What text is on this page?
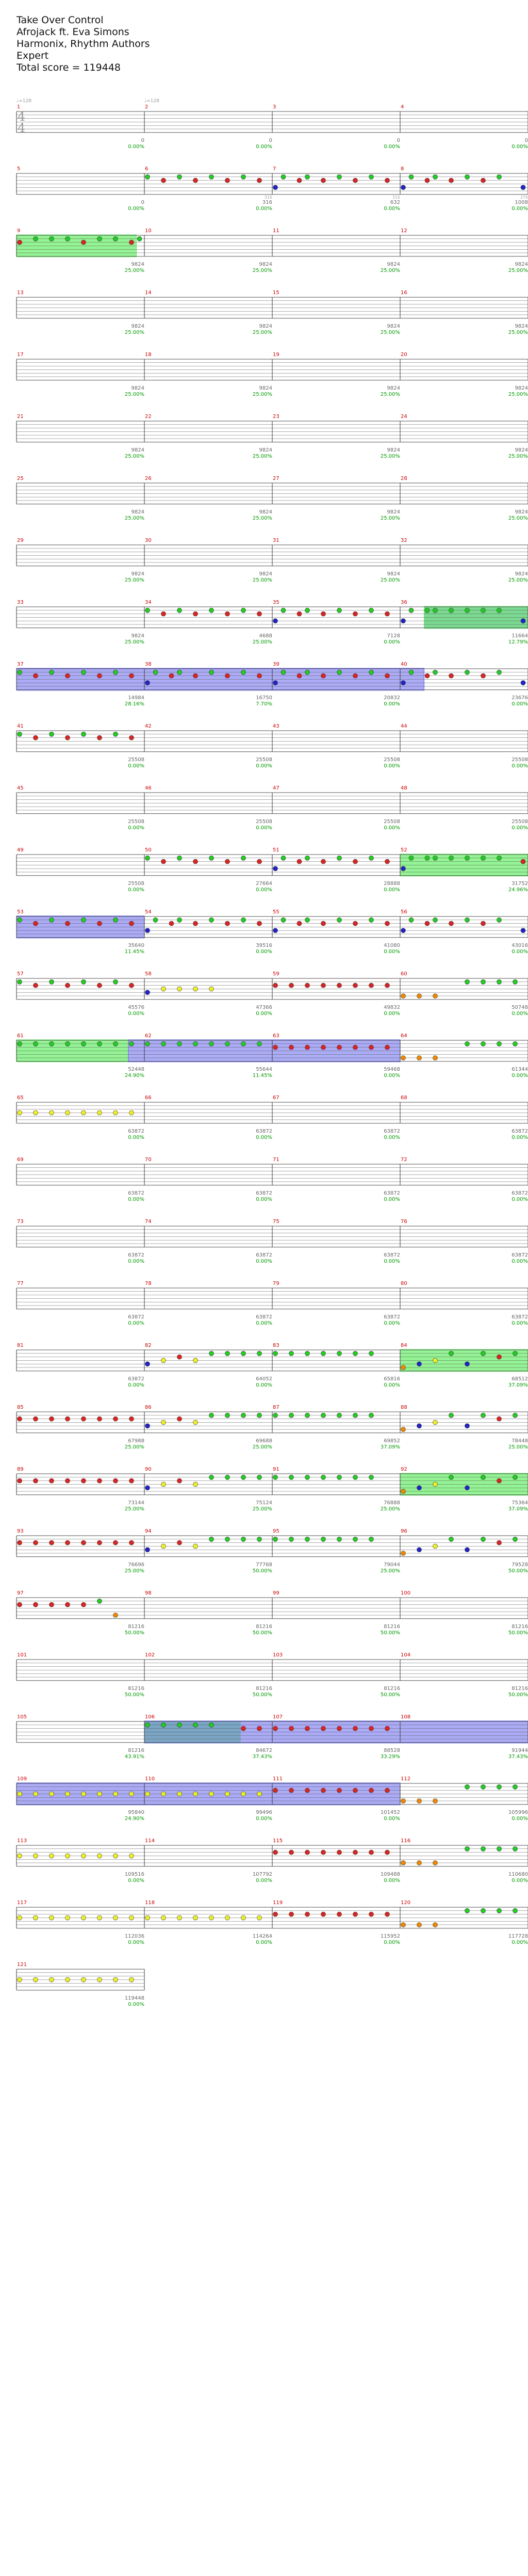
Take Over Control
Afrojack ft. Eva Simons
Harmonix, Rhythm Authors
Expert
Total score = 119448
1
0
0.00%
2
0
0.00%
3
0
0.00%
4
0
0.00%
4
4
♩=128	♩=128
5
0
0.00%
6
316
316
0.00%
7
316
632
0.00%
8
376
1008
0.00%
9
9824
25.00%
10
9824
25.00%
11
9824
25.00%
12
9824
25.00%
13
9824
25.00%
14
9824
25.00%
15
9824
25.00%
16
9824
25.00%
17
9824
25.00%
18
9824
25.00%
19
9824
25.00%
20
9824
25.00%
21
9824
25.00%
22
9824
25.00%
23
9824
25.00%
24
9824
25.00%
25
9824
25.00%
26
9824
25.00%
27
9824
25.00%
28
9824
25.00%
29
9824
25.00%
30
9824
25.00%
31
9824
25.00%
32
9824
25.00%
33
9824
25.00%
34
4688
25.00%
35
7128
0.00%
36
11664
12.79%
37
14984
28.16%
38
16750
7.70%
39
20832
0.00%
40
23676
0.00%
41
25508
0.00%
42
25508
0.00%
43
25508
0.00%
44
25508
0.00%
45
25508
0.00%
46
25508
0.00%
47
25508
0.00%
48
25508
0.00%
49
25508
0.00%
50
27664
0.00%
51
28888
0.00%
52
31752
24.96%
53
35640
11.45%
54
39516
0.00%
55
41080
0.00%
56
43016
0.00%
57
45576
0.00%
58
47366
0.00%
59
49832
0.00%
60
50748
0.00%
61
52448
24.90%
62
55644
11.45%
63
59468
0.00%
64
61344
0.00%
65
63872
0.00%
66
63872
0.00%
67
63872
0.00%
68
63872
0.00%
69
63872
0.00%
70
63872
0.00%
71
63872
0.00%
72
63872
0.00%
73
63872
0.00%
74
63872
0.00%
75
63872
0.00%
76
63872
0.00%
77
63872
0.00%
78
63872
0.00%
79
63872
0.00%
80
63872
0.00%
81
63872
0.00%
82
64052
0.00%
83
65816
0.00%
84
68512
37.09%
85
67988
25.00%
86
69688
25.00%
87
69852
37.09%
88
78448
25.00%
89
73144
25.00%
90
75124
25.00%
91
76888
25.00%
92
75364
37.09%
93
76696
25.00%
94
77768
50.00%
95
79044
25.00%
96
79528
50.00%
97
81216
50.00%
98
81216
50.00%
99
81216
50.00%
100
81216
50.00%
101
81216
50.00%
102
81216
50.00%
103
81216
50.00%
104
81216
50.00%
105
81216
43.91%
106
84672
37.43%
107
88528
33.29%
108
91944
37.43%
109
95840
24.90%
110
99496
0.00%
111
101452
0.00%
112
105996
0.00%
113
109516
0.00%
114
107792
0.00%
115
109488
0.00%
116
110680
0.00%
117
112036
0.00%
118
114264
0.00%
119
115952
0.00%
120
117728
0.00%
121
119448
0.00%
